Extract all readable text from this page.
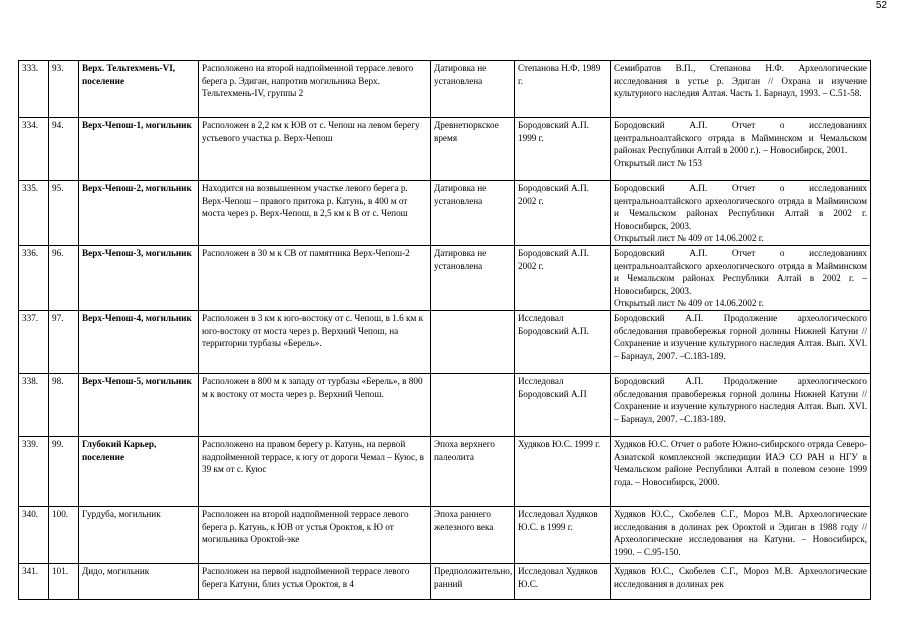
52
333.	93.	Верх. Тельтехмень-VI, поселение	Расположено на второй надпойменной террасе левого берега р. Эдиган, напротив могильника Верх. Тельтехмень-IV, группы 2	Датировка не установлена	Степанова Н.Ф. 1989 г.	Семибратов В.П., Степанова Н.Ф. Археологические исследования в устье р. Эдиган // Охрана и изучение культурного наследия Алтая. Часть 1. Барнаул, 1993. – С.51-58.

334.	94.	Верх-Чепош-1, могильник	Расположен в 2,2 км к ЮВ от с. Чепош на левом берегу устьевого участка р. Верх-Чепош	Древнетюркское время	Бородовский А.П. 1999 г.	Бородовский А.П. Отчет о исследованиях центральноалтайского отряда в Майминском и Чемальском районах Республики Алтай в 2000 г.). – Новосибирск, 2001.
Открытый лист № 153

335.	95.	Верх-Чепош-2, могильник	Находится на возвышенном участке левого берега р. Верх-Чепош – правого притока р. Катунь, в 400 м от моста через р. Верх-Чепош, в 2,5 км к В от с. Чепош	Датировка не установлена	Бородовский А.П. 2002 г.	Бородовский А.П. Отчет о исследованиях центральноалтайского археологического отряда в Майминском и Чемальском районах Республики Алтай в 2002 г. Новосибирск, 2003.
Открытый лист № 409 от 14.06.2002 г.

336.	96.	Верх-Чепош-3, могильник	Расположен в 30 м к СВ от памятника Верх-Чепош-2	Датировка не установлена	Бородовский А.П. 2002 г.	Бородовский А.П. Отчет о исследованиях центральноалтайского археологического отряда в Майминском и Чемальском районах Республики Алтай в 2002 г. – Новосибирск, 2003.
Открытый лист № 409 от 14.06.2002 г.

337.	97.	Верх-Чепош-4, могильник	Расположен в 3 км к юго-востоку от с. Чепош, в 1.6 км к юго-востоку от моста через р. Верхний Чепош, на территории турбазы «Берель».		Исследовал Бородовский А.П.	Бородовский А.П. Продолжение археологического обследования правобережья горной долины Нижней Катуни // Сохранение и изучение культурного наследия Алтая. Вып. XVI. – Барнаул, 2007. –С.183-189.

338.	98.	Верх-Чепош-5, могильник	Расположен в 800 м к западу от турбазы «Берель», в 800 м к востоку от моста через р. Верхний Чепош.		Исследовал Бородовский А.П	Бородовский А.П. Продолжение археологического обследования правобережья горной долины Нижней Катуни // Сохранение и изучение культурного наследия Алтая. Вып. XVI. – Барнаул, 2007. –С.183-189.

339.	99.	Глубокий Карьер, поселение	Расположено на правом берегу р. Катунь, на первой надпойменной террасе, к югу от дороги Чемал – Куюс, в 39 км от с. Куюс	Эпоха верхнего палеолита	Худяков Ю.С. 1999 г.	Худяков Ю.С. Отчет о работе Южно-сибирского отряда Северо-Азиатской комплексной экспедиции ИАЭ СО РАН и НГУ в Чемальском районе Республики Алтай в полевом сезоне 1999 года. – Новосибирск, 2000.

340.	100.	Гурдуба, могильник	Расположен на второй надпойменной террасе левого берега р. Катунь, к ЮВ от устья Ороктоя, к Ю от могильника Ороктой-эке	Эпоха раннего железного века	Исследовал Худяков Ю.С. в 1999 г.	Худяков Ю.С., Скобелев С.Г., Мороз М.В. Археологические исследования в долинах рек Ороктой и Эдиган в 1988 году // Археологические исследования на Катуни. – Новосибирск, 1990. – С.95-150.

341.	101.	Дидо, могильник	Расположен на первой надпойменной террасе левого берега Катуни, близ устья Ороктоя, в 4	Предположительно, ранний	Исследовал Худяков Ю.С.	Худяков Ю.С., Скобелев С.Г., Мороз М.В. Археологические исследования в долинах рек
